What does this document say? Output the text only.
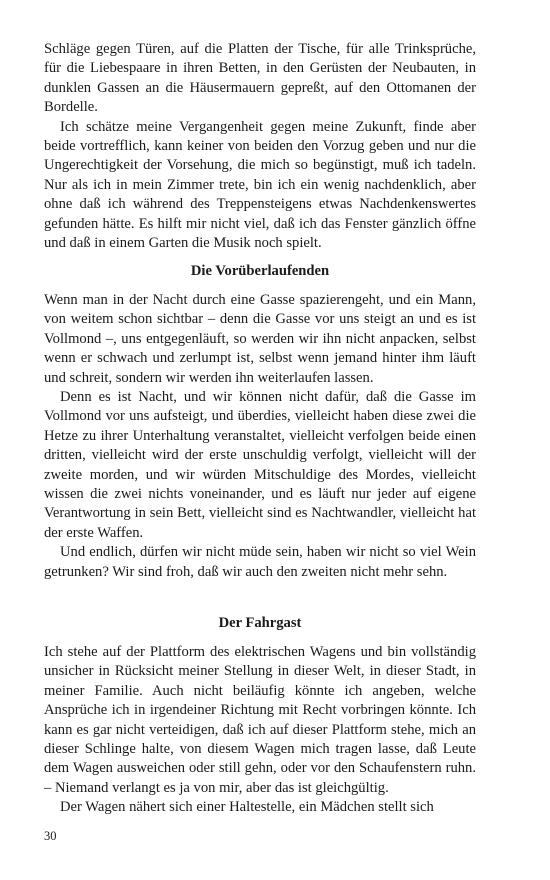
Schläge gegen Türen, auf die Platten der Tische, für alle Trinksprüche, für die Liebespaare in ihren Betten, in den Gerüsten der Neubauten, in dunklen Gassen an die Häusermauern gepreßt, auf den Ottomanen der Bordelle.

Ich schätze meine Vergangenheit gegen meine Zukunft, finde aber beide vortrefflich, kann keiner von beiden den Vorzug geben und nur die Ungerechtigkeit der Vorsehung, die mich so begünstigt, muß ich tadeln. Nur als ich in mein Zimmer trete, bin ich ein wenig nachdenklich, aber ohne daß ich während des Treppensteigens etwas Nachdenkenswertes gefunden hätte. Es hilft mir nicht viel, daß ich das Fenster gänzlich öffne und daß in einem Garten die Musik noch spielt.

Die Vorüberlaufenden

Wenn man in der Nacht durch eine Gasse spazierengeht, und ein Mann, von weitem schon sichtbar – denn die Gasse vor uns steigt an und es ist Vollmond –, uns entgegenläuft, so werden wir ihn nicht anpacken, selbst wenn er schwach und zerlumpt ist, selbst wenn jemand hinter ihm läuft und schreit, sondern wir werden ihn weiterlaufen lassen.

Denn es ist Nacht, und wir können nicht dafür, daß die Gasse im Vollmond vor uns aufsteigt, und überdies, vielleicht haben diese zwei die Hetze zu ihrer Unterhaltung veranstaltet, vielleicht verfolgen beide einen dritten, vielleicht wird der erste unschuldig verfolgt, vielleicht will der zweite morden, und wir würden Mitschuldige des Mordes, vielleicht wissen die zwei nichts voneinander, und es läuft nur jeder auf eigene Verantwortung in sein Bett, vielleicht sind es Nachtwandler, vielleicht hat der erste Waffen.

Und endlich, dürfen wir nicht müde sein, haben wir nicht so viel Wein getrunken? Wir sind froh, daß wir auch den zweiten nicht mehr sehn.

Der Fahrgast

Ich stehe auf der Plattform des elektrischen Wagens und bin vollständig unsicher in Rücksicht meiner Stellung in dieser Welt, in dieser Stadt, in meiner Familie. Auch nicht beiläufig könnte ich angeben, welche Ansprüche ich in irgendeiner Richtung mit Recht vorbringen könnte. Ich kann es gar nicht verteidigen, daß ich auf dieser Plattform stehe, mich an dieser Schlinge halte, von diesem Wagen mich tragen lasse, daß Leute dem Wagen ausweichen oder still gehn, oder vor den Schaufenstern ruhn. – Niemand verlangt es ja von mir, aber das ist gleichgültig.

Der Wagen nähert sich einer Haltestelle, ein Mädchen stellt sich

30
